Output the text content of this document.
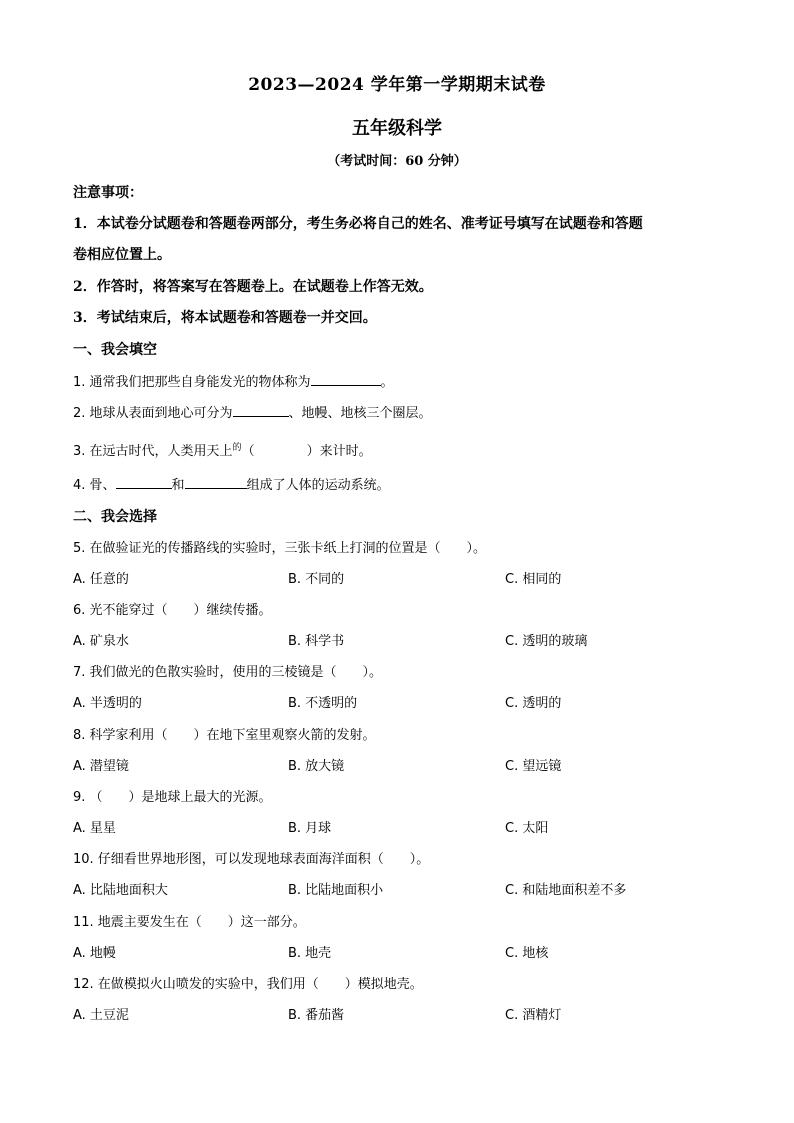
2023—2024 学年第一学期期末试卷
五年级科学
（考试时间：60 分钟）
注意事项：
1．本试卷分试题卷和答题卷两部分，考生务必将自己的姓名、准考证号填写在试题卷和答题
卷相应位置上。
2．作答时，将答案写在答题卷上。在试题卷上作答无效。
3．考试结束后，将本试题卷和答题卷一并交回。
一、我会填空
1. 通常我们把那些自身能发光的物体称为	。
2. 地球从表面到地心可分为	、地幔、地核三个圈层。
3. 在远古时代，人类用天上$^的$（　　　　）来计时。
4. 骨、	和	组成了人体的运动系统。
二、我会选择
5. 在做验证光的传播路线的实验时，三张卡纸上打洞的位置是（　　）。
A. 任意的	B. 不同的	C. 相同的
6. 光不能穿过（　　）继续传播。
A. 矿泉水	B. 科学书	C. 透明的玻璃
7. 我们做光的色散实验时，使用的三棱镜是（　　）。
A. 半透明的	B. 不透明的	C. 透明的
8. 科学家利用（　　）在地下室里观察火箭的发射。
A. 潜望镜	B. 放大镜	C. 望远镜
9. （　　）是地球上最大的光源。
A. 星星	B. 月球	C. 太阳
10. 仔细看世界地形图，可以发现地球表面海洋面积（　　）。
A. 比陆地面积大	B. 比陆地面积小	C. 和陆地面积差不多
11. 地震主要发生在（　　）这一部分。
A. 地幔	B. 地壳	C. 地核
12. 在做模拟火山喷发的实验中，我们用（　　）模拟地壳。
A. 土豆泥	B. 番茄酱	C. 酒精灯
